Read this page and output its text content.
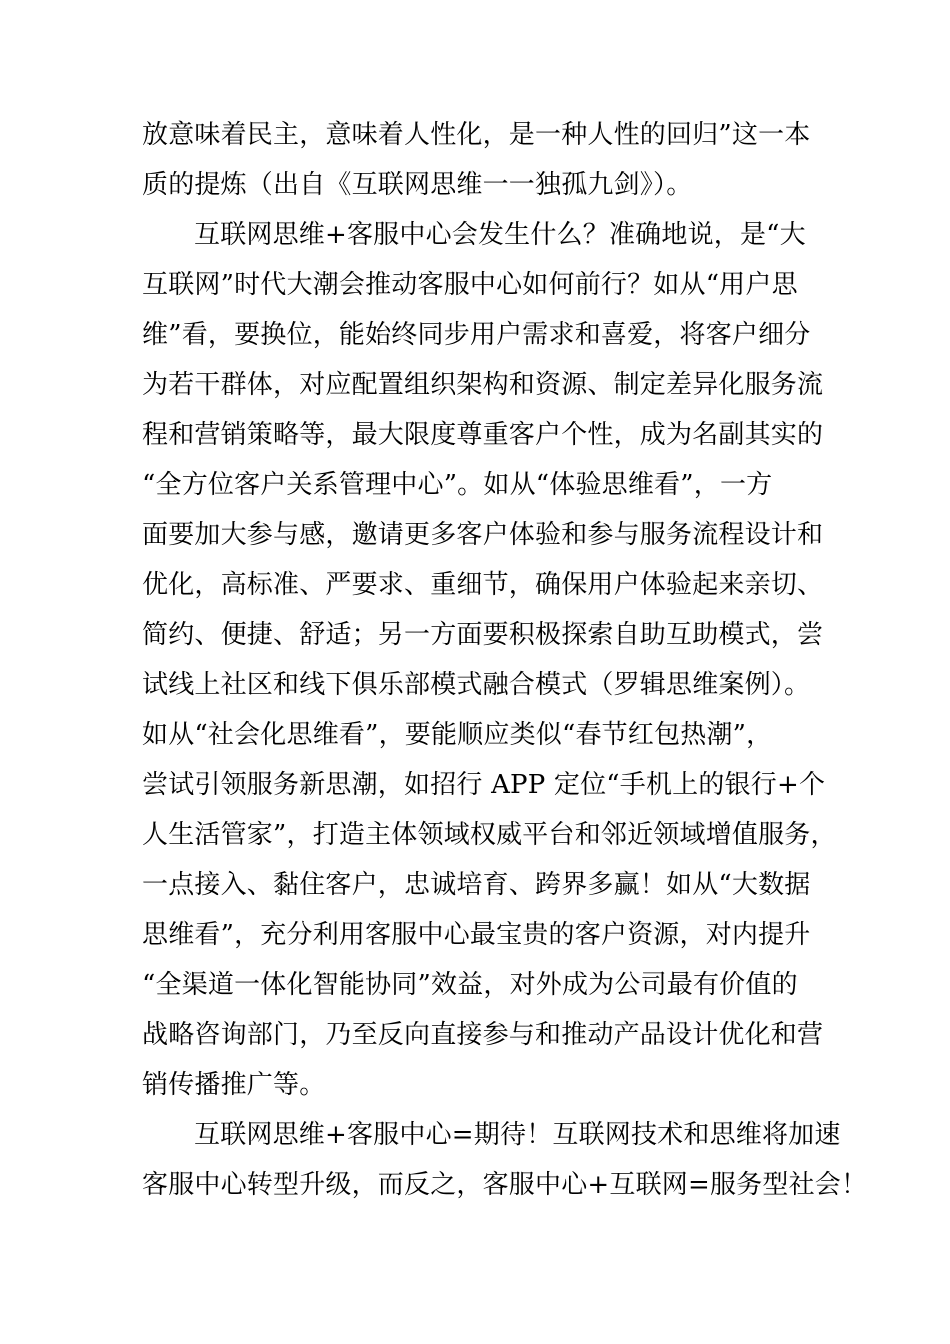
放意味着民主，意味着人性化，是一种人性的回归”这一本
质的提炼（出自《互联网思维一一独孤九剑》）。
互联网思维+客服中心会发生什么？准确地说，是“大
互联网”时代大潮会推动客服中心如何前行？如从“用户思
维”看，要换位，能始终同步用户需求和喜爱，将客户细分
为若干群体，对应配置组织架构和资源、制定差异化服务流
程和营销策略等，最大限度尊重客户个性，成为名副其实的
“全方位客户关系管理中心”。如从“体验思维看”，一方
面要加大参与感，邀请更多客户体验和参与服务流程设计和
优化，高标准、严要求、重细节，确保用户体验起来亲切、
简约、便捷、舒适；另一方面要积极探索自助互助模式，尝
试线上社区和线下俱乐部模式融合模式（罗辑思维案例）。
如从“社会化思维看”，要能顺应类似“春节红包热潮”，
尝试引领服务新思潮，如招行 APP 定位“手机上的银行+个
人生活管家”，打造主体领域权威平台和邻近领域增值服务，
一点接入、黏住客户，忠诚培育、跨界多赢！如从“大数据
思维看”，充分利用客服中心最宝贵的客户资源，对内提升
“全渠道一体化智能协同”效益，对外成为公司最有价值的
战略咨询部门，乃至反向直接参与和推动产品设计优化和营
销传播推广等。
互联网思维+客服中心=期待！互联网技术和思维将加速
客服中心转型升级，而反之，客服中心+互联网=服务型社会！
